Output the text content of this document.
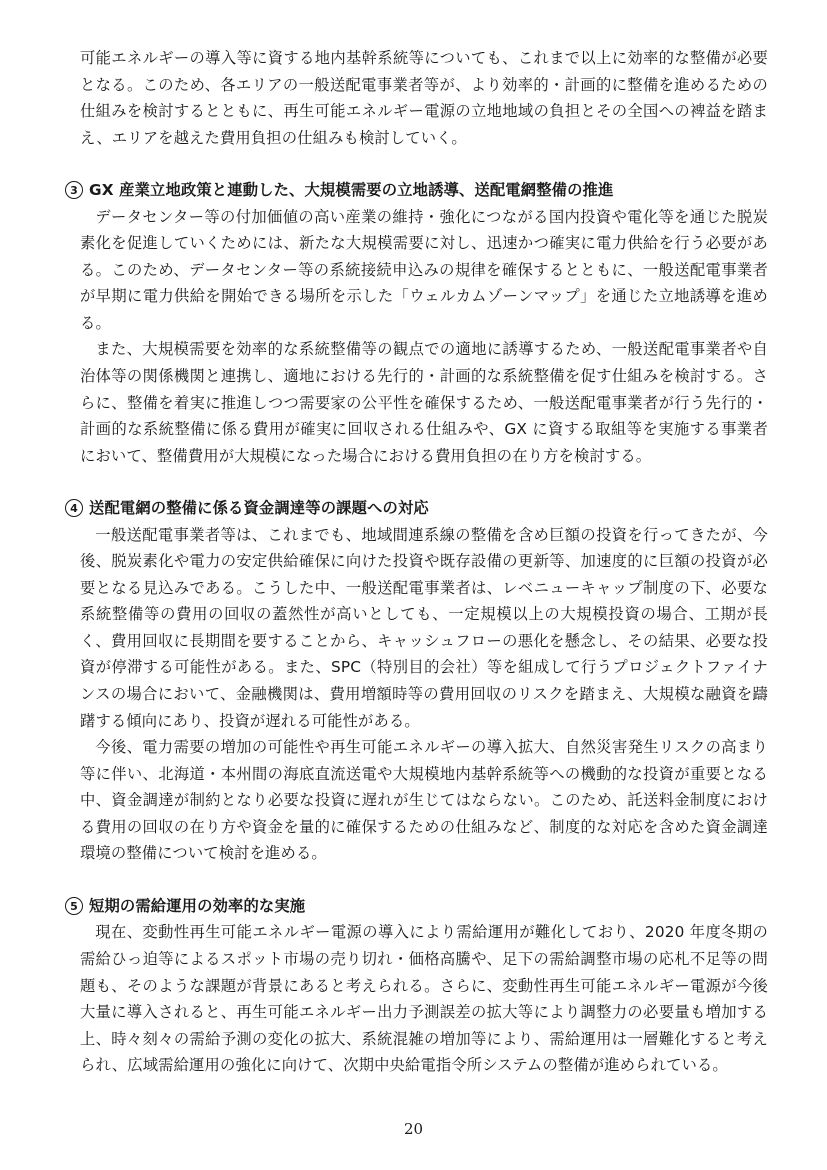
可能エネルギーの導入等に資する地内基幹系統等についても、これまで以上に効率的な整備が必要となる。このため、各エリアの一般送配電事業者等が、より効率的・計画的に整備を進めるための仕組みを検討するとともに、再生可能エネルギー電源の立地地域の負担とその全国への裨益を踏まえ、エリアを越えた費用負担の仕組みも検討していく。

3 GX 産業立地政策と連動した、大規模需要の立地誘導、送配電網整備の推進

データセンター等の付加価値の高い産業の維持・強化につながる国内投資や電化等を通じた脱炭素化を促進していくためには、新たな大規模需要に対し、迅速かつ確実に電力供給を行う必要がある。このため、データセンター等の系統接続申込みの規律を確保するとともに、一般送配電事業者が早期に電力供給を開始できる場所を示した「ウェルカムゾーンマップ」を通じた立地誘導を進める。

また、大規模需要を効率的な系統整備等の観点での適地に誘導するため、一般送配電事業者や自治体等の関係機関と連携し、適地における先行的・計画的な系統整備を促す仕組みを検討する。さらに、整備を着実に推進しつつ需要家の公平性を確保するため、一般送配電事業者が行う先行的・計画的な系統整備に係る費用が確実に回収される仕組みや、GX に資する取組等を実施する事業者において、整備費用が大規模になった場合における費用負担の在り方を検討する。

4 送配電網の整備に係る資金調達等の課題への対応

一般送配電事業者等は、これまでも、地域間連系線の整備を含め巨額の投資を行ってきたが、今後、脱炭素化や電力の安定供給確保に向けた投資や既存設備の更新等、加速度的に巨額の投資が必要となる見込みである。こうした中、一般送配電事業者は、レベニューキャップ制度の下、必要な系統整備等の費用の回収の蓋然性が高いとしても、一定規模以上の大規模投資の場合、工期が長く、費用回収に長期間を要することから、キャッシュフローの悪化を懸念し、その結果、必要な投資が停滞する可能性がある。また、SPC（特別目的会社）等を組成して行うプロジェクトファイナンスの場合において、金融機関は、費用増額時等の費用回収のリスクを踏まえ、大規模な融資を躊躇する傾向にあり、投資が遅れる可能性がある。

今後、電力需要の増加の可能性や再生可能エネルギーの導入拡大、自然災害発生リスクの高まり等に伴い、北海道・本州間の海底直流送電や大規模地内基幹系統等への機動的な投資が重要となる中、資金調達が制約となり必要な投資に遅れが生じてはならない。このため、託送料金制度における費用の回収の在り方や資金を量的に確保するための仕組みなど、制度的な対応を含めた資金調達環境の整備について検討を進める。

5 短期の需給運用の効率的な実施

現在、変動性再生可能エネルギー電源の導入により需給運用が難化しており、2020 年度冬期の需給ひっ迫等によるスポット市場の売り切れ・価格高騰や、足下の需給調整市場の応札不足等の問題も、そのような課題が背景にあると考えられる。さらに、変動性再生可能エネルギー電源が今後大量に導入されると、再生可能エネルギー出力予測誤差の拡大等により調整力の必要量も増加する上、時々刻々の需給予測の変化の拡大、系統混雑の増加等により、需給運用は一層難化すると考えられ、広域需給運用の強化に向けて、次期中央給電指令所システムの整備が進められている。

20
